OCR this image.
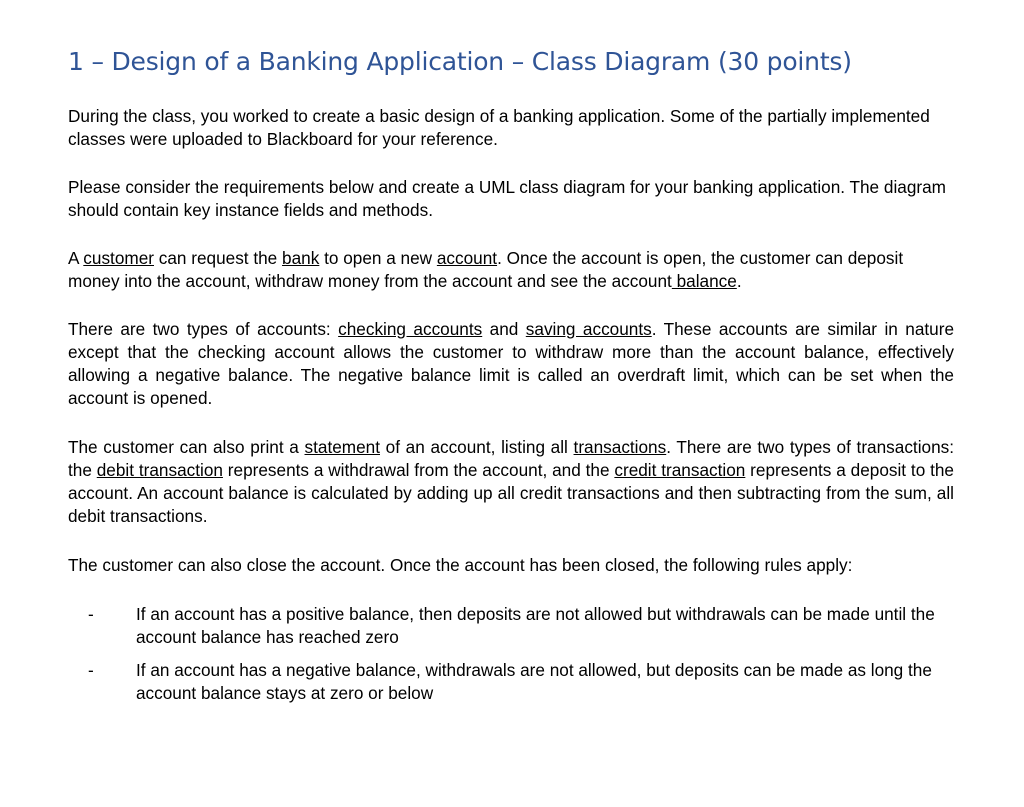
1 – Design of a Banking Application – Class Diagram (30 points)

During the class, you worked to create a basic design of a banking application. Some of the partially implemented classes were uploaded to Blackboard for your reference.

Please consider the requirements below and create a UML class diagram for your banking application. The diagram should contain key instance fields and methods.

A customer can request the bank to open a new account. Once the account is open, the customer can deposit money into the account, withdraw money from the account and see the account balance.

There are two types of accounts: checking accounts and saving accounts. These accounts are similar in nature except that the checking account allows the customer to withdraw more than the account balance, effectively allowing a negative balance. The negative balance limit is called an overdraft limit, which can be set when the account is opened.

The customer can also print a statement of an account, listing all transactions. There are two types of transactions: the debit transaction represents a withdrawal from the account, and the credit transaction represents a deposit to the account. An account balance is calculated by adding up all credit transactions and then subtracting from the sum, all debit transactions.

The customer can also close the account. Once the account has been closed, the following rules apply:

-	If an account has a positive balance, then deposits are not allowed but withdrawals can be made until the account balance has reached zero
-	If an account has a negative balance, withdrawals are not allowed, but deposits can be made as long the account balance stays at zero or below
